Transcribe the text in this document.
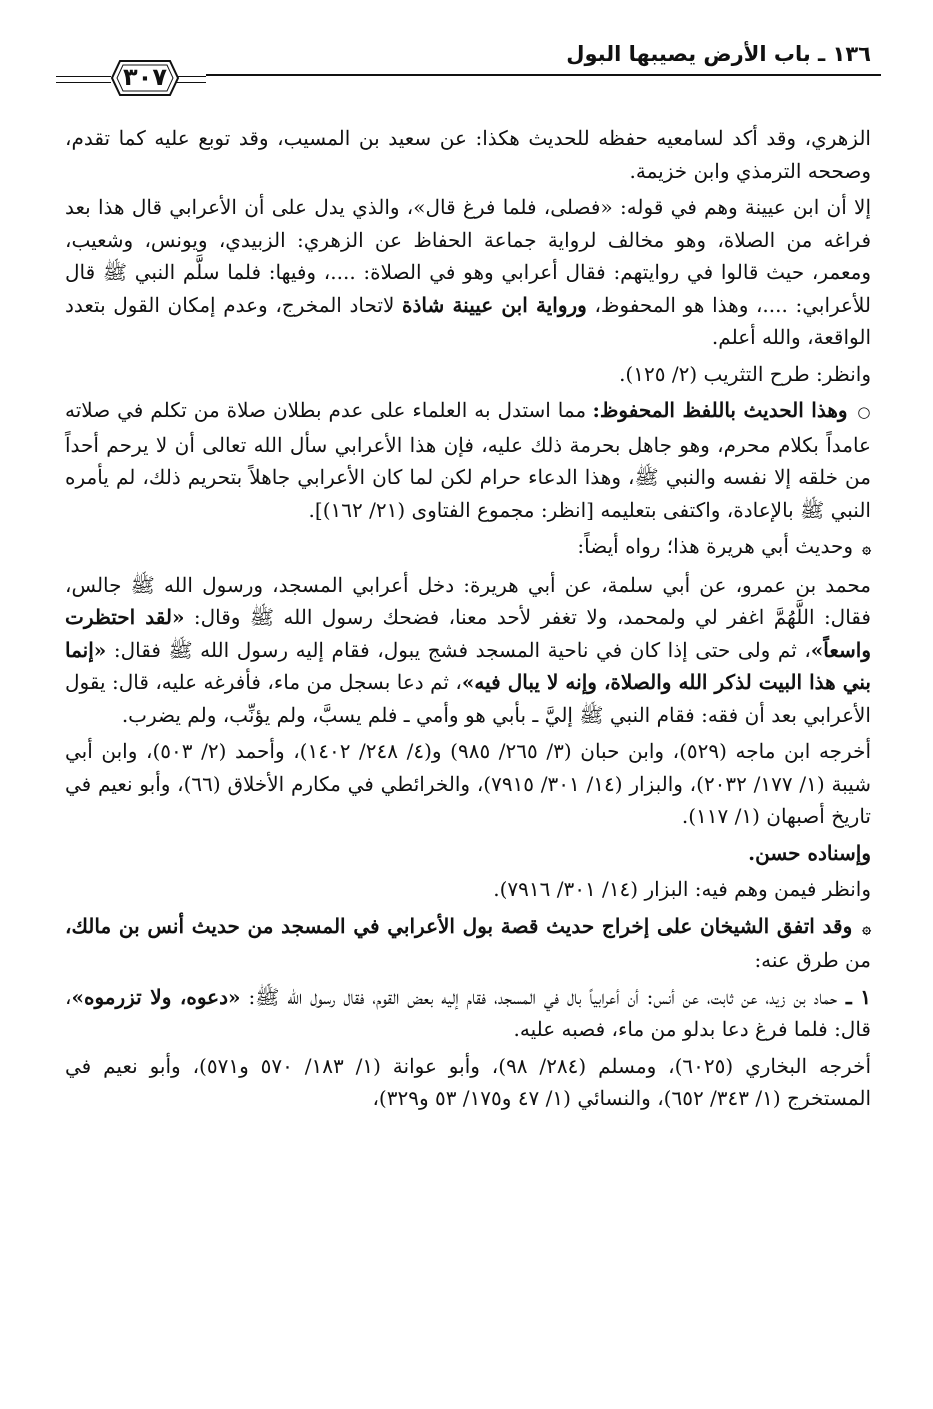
١٣٦ ـ باب الأرض يصيبها البول
٣٠٧

الزهري، وقد أكد لسامعيه حفظه للحديث هكذا: عن سعيد بن المسيب، وقد توبع عليه كما تقدم، وصححه الترمذي وابن خزيمة.

إلا أن ابن عيينة وهم في قوله: «فصلى، فلما فرغ قال»، والذي يدل على أن الأعرابي قال هذا بعد فراغه من الصلاة، وهو مخالف لرواية جماعة الحفاظ عن الزهري: الزبيدي، ويونس، وشعيب، ومعمر، حيث قالوا في روايتهم: فقال أعرابي وهو في الصلاة: ....، وفيها: فلما سلَّم النبي ﷺ قال للأعرابي: ....، وهذا هو المحفوظ، ورواية ابن عيينة شاذة لاتحاد المخرج، وعدم إمكان القول بتعدد الواقعة، والله أعلم.

وانظر: طرح التثريب (٢/ ١٢٥).

○ وهذا الحديث باللفظ المحفوظ: مما استدل به العلماء على عدم بطلان صلاة من تكلم في صلاته عامداً بكلام محرم، وهو جاهل بحرمة ذلك عليه، فإن هذا الأعرابي سأل الله تعالى أن لا يرحم أحداً من خلقه إلا نفسه والنبي ﷺ، وهذا الدعاء حرام لكن لما كان الأعرابي جاهلاً بتحريم ذلك، لم يأمره النبي ﷺ بالإعادة، واكتفى بتعليمه [انظر: مجموع الفتاوى (٢١/ ١٦٢)].

۞ وحديث أبي هريرة هذا؛ رواه أيضاً:

محمد بن عمرو، عن أبي سلمة، عن أبي هريرة: دخل أعرابي المسجد، ورسول الله ﷺ جالس، فقال: اللَّهُمَّ اغفر لي ولمحمد، ولا تغفر لأحد معنا، فضحك رسول الله ﷺ وقال: «لقد احتظرت واسعاً»، ثم ولى حتى إذا كان في ناحية المسجد فشج يبول، فقام إليه رسول الله ﷺ فقال: «إنما بني هذا البيت لذكر الله والصلاة، وإنه لا يبال فيه»، ثم دعا بسجل من ماء، فأفرغه عليه، قال: يقول الأعرابي بعد أن فقه: فقام النبي ﷺ إليَّ ـ بأبي هو وأمي ـ فلم يسبَّ، ولم يؤنِّب، ولم يضرب.

أخرجه ابن ماجه (٥٢٩)، وابن حبان (٣/ ٢٦٥/ ٩٨٥) و(٤/ ٢٤٨/ ١٤٠٢)، وأحمد (٢/ ٥٠٣)، وابن أبي شيبة (١/ ١٧٧/ ٢٠٣٢)، والبزار (١٤/ ٣٠١/ ٧٩١٥)، والخرائطي في مكارم الأخلاق (٦٦)، وأبو نعيم في تاريخ أصبهان (١/ ١١٧).

وإسناده حسن.

وانظر فيمن وهم فيه: البزار (١٤/ ٣٠١/ ٧٩١٦).

۞ وقد اتفق الشيخان على إخراج حديث قصة بول الأعرابي في المسجد من حديث أنس بن مالك، من طرق عنه:

١ ـ حماد بن زيد، عن ثابت، عن أنس: أن أعرابياً بال في المسجد، فقام إليه بعض القوم، فقال رسول الله ﷺ: «دعوه، ولا تزرموه»، قال: فلما فرغ دعا بدلو من ماء، فصبه عليه.

أخرجه البخاري (٦٠٢٥)، ومسلم (٢٨٤/ ٩٨)، وأبو عوانة (١/ ١٨٣/ ٥٧٠ و٥٧١)، وأبو نعيم في المستخرج (١/ ٣٤٣/ ٦٥٢)، والنسائي (١/ ٤٧ و١٧٥/ ٥٣ و٣٢٩)،
